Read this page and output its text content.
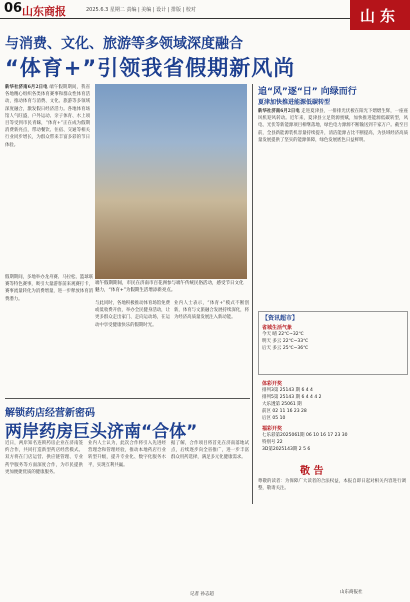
06 山东商报	2025.6.3 星期二 责编 | 美编 | 设计 | 排版 | 校对	山东
与消费、文化、旅游等多领域深度融合
“体育+”引领我省假期新风尚
新华社济南6月2日电 端午假期期间，我省各地精心组织各类体育赛事和群众性体育活动，推动体育与消费、文化、旅游等多领域深度融合，激发假日经济活力。各地体育场馆人气旺盛，户外运动、亲子体育、水上项目等受到市民青睐，“体育+”正在成为假期消费新亮点，带动餐饮、住宿、交通等相关行业同步增长，为群众带来丰富多彩的节日体验。
端午假期期间，市民在济南市百花洲参与端午传统民俗活动，感受节日文化魅力，“体育+”为假期生活增添新亮点。
假期期间，多地举办龙舟赛、马拉松、篮球联赛等特色赛事，吸引大量游客前来观赛打卡，赛事流量转化为消费增量，进一步释放体育消费潜力。
与此同时，各地积极推动体育场馆免费或低收费开放，举办全民健身活动，让更多群众走出家门、走向运动场，在运动中享受健康快乐的假期时光。
业内人士表示，“体育+”模式不断创新，体育与文旅融合发展持续深化，将为经济高质量发展注入新动能。
追“风”逐“日” 向绿而行
夏津加快推进能源低碳转型
新华社济南6月2日电 走进夏津县，一排排光伏板在阳光下熠熠生辉，一座座风机迎风转动。近年来，夏津县立足资源禀赋，加快推进能源低碳转型，风电、光伏等新能源项目相继落地，绿色电力源源不断输送到千家万户。截至目前，全县新能源装机容量持续提升，清洁能源占比不断提高，为县域经济高质量发展提供了坚实的能源保障，绿色发展底色日益鲜明。
【资讯超市】
省城生活气象
今天 晴 22℃~32℃
明天 多云 22℃~33℃
后天 多云 25℃~36℃
体彩开奖
排列3第 25143 期 6 4 4
排列5第 25143 期 6 4 4 4 2
大乐透第 25061 期
前区 02 11 16 23 28
后区 05 10
福彩开奖
七乐彩第2025061期 06 10 16 17 23 30
特别号 22
3D第2025143期 2 5 6
敬 告
尊敬的读者：为保障广大读者的合法权益，本报自即日起对相关内容进行调整，敬请关注。
山东商报社
解锁药店经营新密码
两岸药房巨头济南“合体”
近日，两岸知名连锁药房企业在济南签约合作，共同打造新型药店经营模式。双方将在门店运营、供应链管理、专业药学服务等方面深度合作，为市民提供更加便捷优质的健康服务。
业内人士认为，此次合作将引入先进经营理念和管理经验，推动本地药店行业转型升级，提升专业化、数字化服务水平，实现互利共赢。
据了解，合作项目将首先在济南落地试点，后续逐步向全省推广，进一步丰富群众用药选择，满足多元化健康需求。
记者 孙志超
